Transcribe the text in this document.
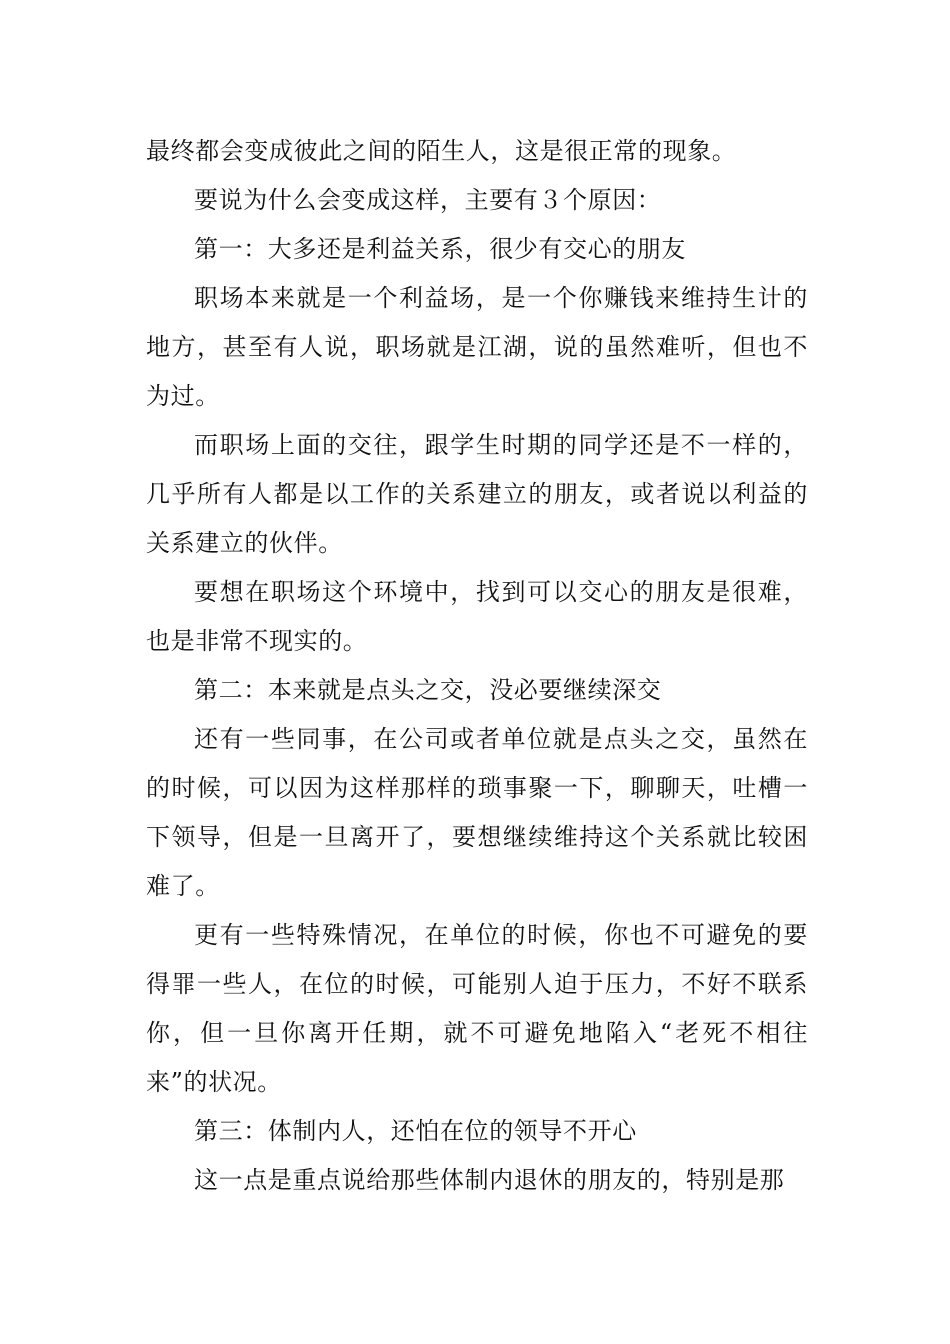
最终都会变成彼此之间的陌生人，这是很正常的现象。

要说为什么会变成这样，主要有３个原因：

第一：大多还是利益关系，很少有交心的朋友

职场本来就是一个利益场，是一个你赚钱来维持生计的地方，甚至有人说，职场就是江湖，说的虽然难听，但也不为过。

而职场上面的交往，跟学生时期的同学还是不一样的，几乎所有人都是以工作的关系建立的朋友，或者说以利益的关系建立的伙伴。

要想在职场这个环境中，找到可以交心的朋友是很难，也是非常不现实的。

第二：本来就是点头之交，没必要继续深交

还有一些同事，在公司或者单位就是点头之交，虽然在的时候，可以因为这样那样的琐事聚一下，聊聊天，吐槽一下领导，但是一旦离开了，要想继续维持这个关系就比较困难了。

更有一些特殊情况，在单位的时候，你也不可避免的要得罪一些人，在位的时候，可能别人迫于压力，不好不联系你，但一旦你离开任期，就不可避免地陷入“老死不相往来”的状况。

第三：体制内人，还怕在位的领导不开心

这一点是重点说给那些体制内退休的朋友的，特别是那
